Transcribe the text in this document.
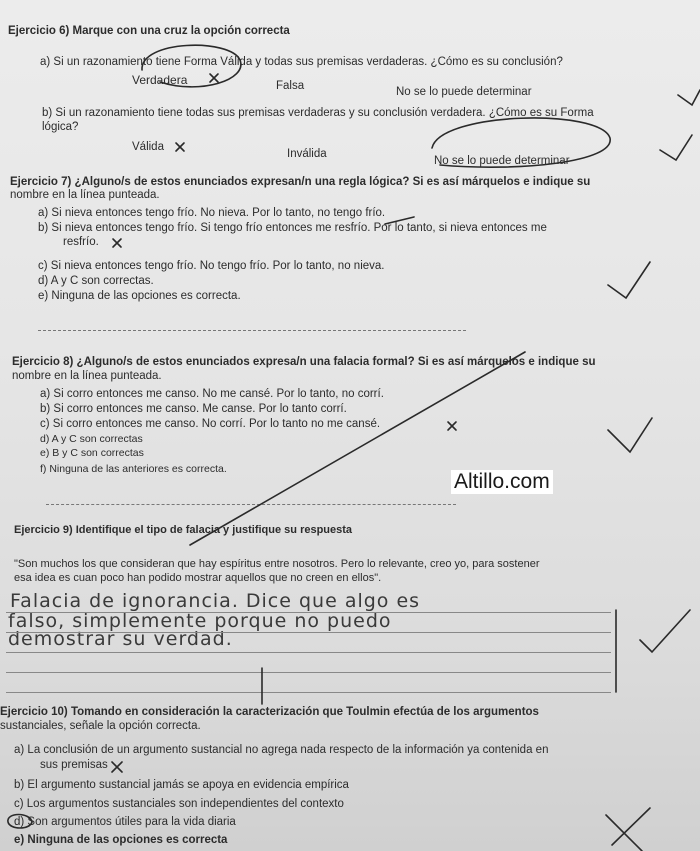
Ejercicio 6) Marque con una cruz la opción correcta
a) Si un razonamiento tiene Forma Válida y todas sus premisas verdaderas. ¿Cómo es su conclusión?
Verdadera	Falsa	No se lo puede determinar
b) Si un razonamiento tiene todas sus premisas verdaderas y su conclusión verdadera. ¿Cómo es su Forma
lógica?
Válida
Inválida
No se lo puede determinar
Ejercicio 7) ¿Alguno/s de estos enunciados expresan/n una regla lógica? Si es así márquelos e indique su
nombre en la línea punteada.
a) Si nieva entonces tengo frío. No nieva. Por lo tanto, no tengo frío.
b) Si nieva entonces tengo frío. Si tengo frío entonces me resfrío. Por lo tanto, si nieva entonces me
resfrío.
c) Si nieva entonces tengo frío. No tengo frío. Por lo tanto, no nieva.
d) A y C son correctas.
e) Ninguna de las opciones es correcta.
Ejercicio 8) ¿Alguno/s de estos enunciados expresa/n una falacia formal? Si es así márquelos e indique su
nombre en la línea punteada.
a) Si corro entonces me canso. No me cansé. Por lo tanto, no corrí.
b) Si corro entonces me canso. Me canse. Por lo tanto corrí.
c) Si corro entonces me canso. No corrí. Por lo tanto no me cansé.
d) A y C son correctas
e) B y C son correctas
f) Ninguna de las anteriores es correcta.
Altillo.com
Ejercicio 9) Identifique el tipo de falacia y justifique su respuesta
"Son muchos los que consideran que hay espíritus entre nosotros. Pero lo relevante, creo yo, para sostener
esa idea es cuan poco han podido mostrar aquellos que no creen en ellos".
Falacia de ignorancia. Dice que algo es
falso, simplemente porque no puedo
demostrar su verdad.
Ejercicio 10) Tomando en consideración la caracterización que Toulmin efectúa de los argumentos
sustanciales, señale la opción correcta.
a) La conclusión de un argumento sustancial no agrega nada respecto de la información ya contenida en
sus premisas
b) El argumento sustancial jamás se apoya en evidencia empírica
c) Los argumentos sustanciales son independientes del contexto
d) Son argumentos útiles para la vida diaria
e) Ninguna de las opciones es correcta
